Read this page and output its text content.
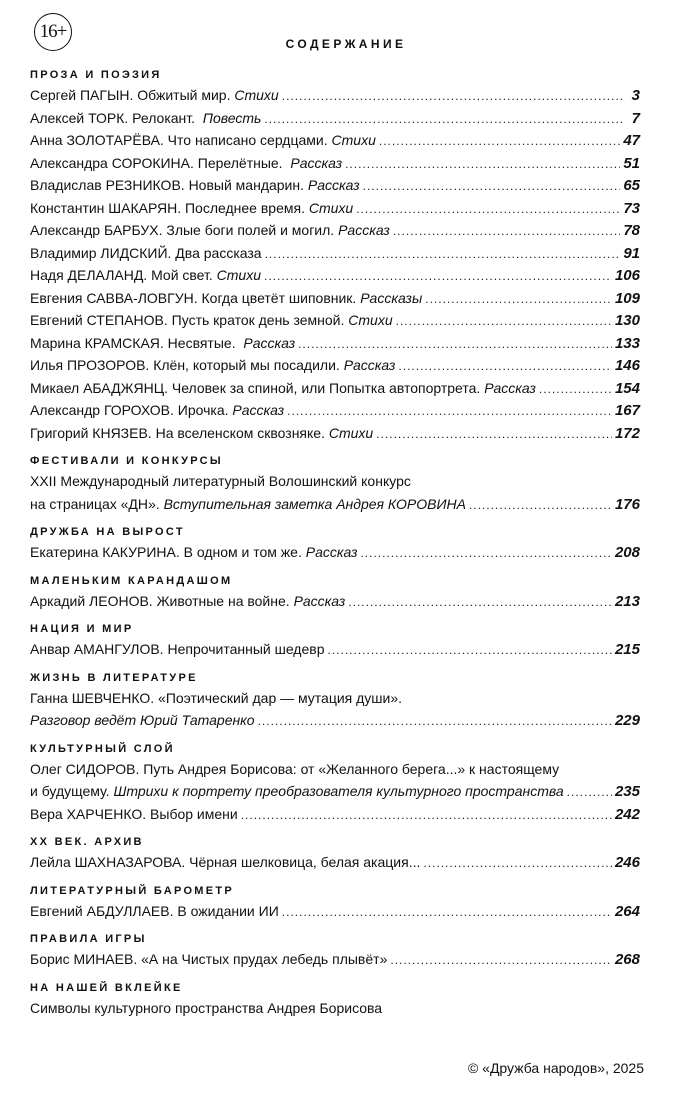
16+
СОДЕРЖАНИЕ
ПРОЗА И ПОЭЗИЯ
Сергей ПАГЫН. Обжитый мир. Стихи .....	3
Алексей ТОРК. Релокант.  Повесть .....	7
Анна ЗОЛОТАРЁВА. Что написано сердцами. Стихи .....	47
Александра СОРОКИНА. Перелётные.  Рассказ .....	51
Владислав РЕЗНИКОВ. Новый мандарин. Рассказ .....	65
Константин ШАКАРЯН. Последнее время. Стихи .....	73
Александр БАРБУХ. Злые боги полей и могил. Рассказ .....	78
Владимир ЛИДСКИЙ. Два рассказа .....	91
Надя ДЕЛАЛАНД. Мой свет. Стихи .....	106
Евгения САВВА-ЛОВГУН. Когда цветёт шиповник. Рассказы .....	109
Евгений СТЕПАНОВ. Пусть краток день земной. Стихи .....	130
Марина КРАМСКАЯ. Несвятые.  Рассказ .....	133
Илья ПРОЗОРОВ. Клён, который мы посадили. Рассказ .....	146
Микаел АБАДЖЯНЦ. Человек за спиной, или Попытка автопортрета. Рассказ .....	154
Александр ГОРОХОВ. Ирочка. Рассказ .....	167
Григорий КНЯЗЕВ. На вселенском сквозняке. Стихи .....	172
ФЕСТИВАЛИ И КОНКУРСЫ
XXII Международный литературный Волошинский конкурс
на страницах «ДН». Вступительная заметка Андрея КОРОВИНА .....	176
ДРУЖБА НА ВЫРОСТ
Екатерина КАКУРИНА. В одном и том же. Рассказ .....	208
МАЛЕНЬКИМ КАРАНДАШОМ
Аркадий ЛЕОНОВ. Животные на войне. Рассказ .....	213
НАЦИЯ И МИР
Анвар АМАНГУЛОВ. Непрочитанный шедевр .....	215
ЖИЗНЬ В ЛИТЕРАТУРЕ
Ганна ШЕВЧЕНКО. «Поэтический дар — мутация души».
Разговор ведёт Юрий Татаренко .....	229
КУЛЬТУРНЫЙ СЛОЙ
Олег СИДОРОВ. Путь Андрея Борисова: от «Желанного берега...» к настоящему
и будущему. Штрихи к портрету преобразователя культурного пространства .....	235
Вера ХАРЧЕНКО. Выбор имени .....	242
XX ВЕК. АРХИВ
Лейла ШАХНАЗАРОВА. Чёрная шелковица, белая акация... .....	246
ЛИТЕРАТУРНЫЙ БАРОМЕТР
Евгений АБДУЛЛАЕВ. В ожидании ИИ .....	264
ПРАВИЛА ИГРЫ
Борис МИНАЕВ. «А на Чистых прудах лебедь плывёт» .....	268
НА НАШЕЙ ВКЛЕЙКЕ
Символы культурного пространства Андрея Борисова
© «Дружба народов», 2025
